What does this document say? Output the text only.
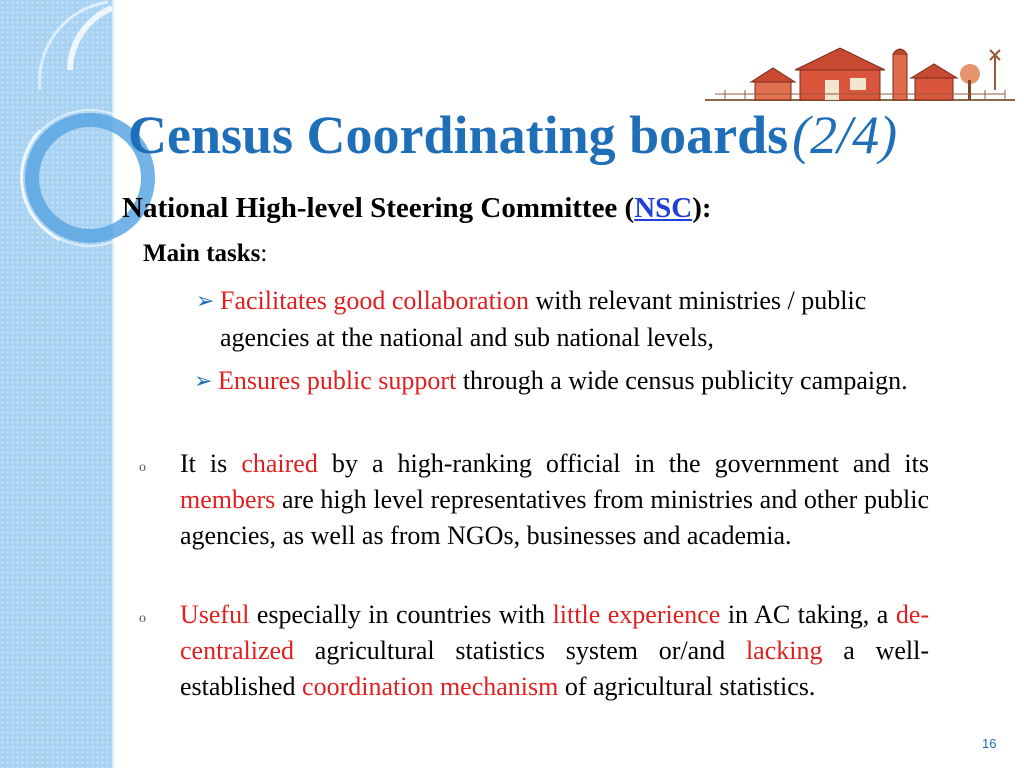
Census Coordinating boards(2/4)
National High-level Steering Committee (NSC):
Main tasks:
➢ Facilitates good collaboration with relevant ministries / public agencies at the national and sub national levels,
➢ Ensures public support through a wide census publicity campaign.
o It is chaired by a high-ranking official in the government and its members are high level representatives from ministries and other public agencies, as well as from NGOs, businesses and academia.
o Useful especially in countries with little experience in AC taking, a de-centralized agricultural statistics system or/and lacking a well-established coordination mechanism of agricultural statistics.
16
